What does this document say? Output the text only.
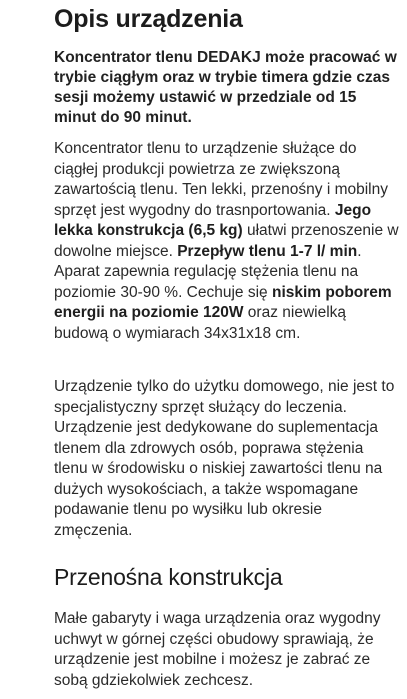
Opis urządzenia
Koncentrator tlenu DEDAKJ może pracować w trybie ciągłym oraz w trybie timera gdzie czas sesji możemy ustawić w przedziale od 15 minut do 90 minut.
Koncentrator tlenu to urządzenie służące do ciągłej produkcji powietrza ze zwiększoną zawartością tlenu. Ten lekki, przenośny i mobilny sprzęt jest wygodny do trasnportowania. Jego lekka konstrukcja (6,5 kg) ułatwi przenoszenie w dowolne miejsce. Przepływ tlenu 1-7 l/ min. Aparat zapewnia regulację stężenia tlenu na poziomie 30-90 %. Cechuje się niskim poborem energii na poziomie 120W oraz niewielką budową o wymiarach 34x31x18 cm.
Urządzenie tylko do użytku domowego, nie jest to specjalistyczny sprzęt służący do leczenia. Urządzenie jest dedykowane do suplementacja tlenem dla zdrowych osób, poprawa stężenia tlenu w środowisku o niskiej zawartości tlenu na dużych wysokościach, a także wspomagane podawanie tlenu po wysiłku lub okresie zmęczenia.
Przenośna konstrukcja
Małe gabaryty i waga urządzenia oraz wygodny uchwyt w górnej części obudowy sprawiają, że urządzenie jest mobilne i możesz je zabrać ze sobą gdziekolwiek zechcesz.
